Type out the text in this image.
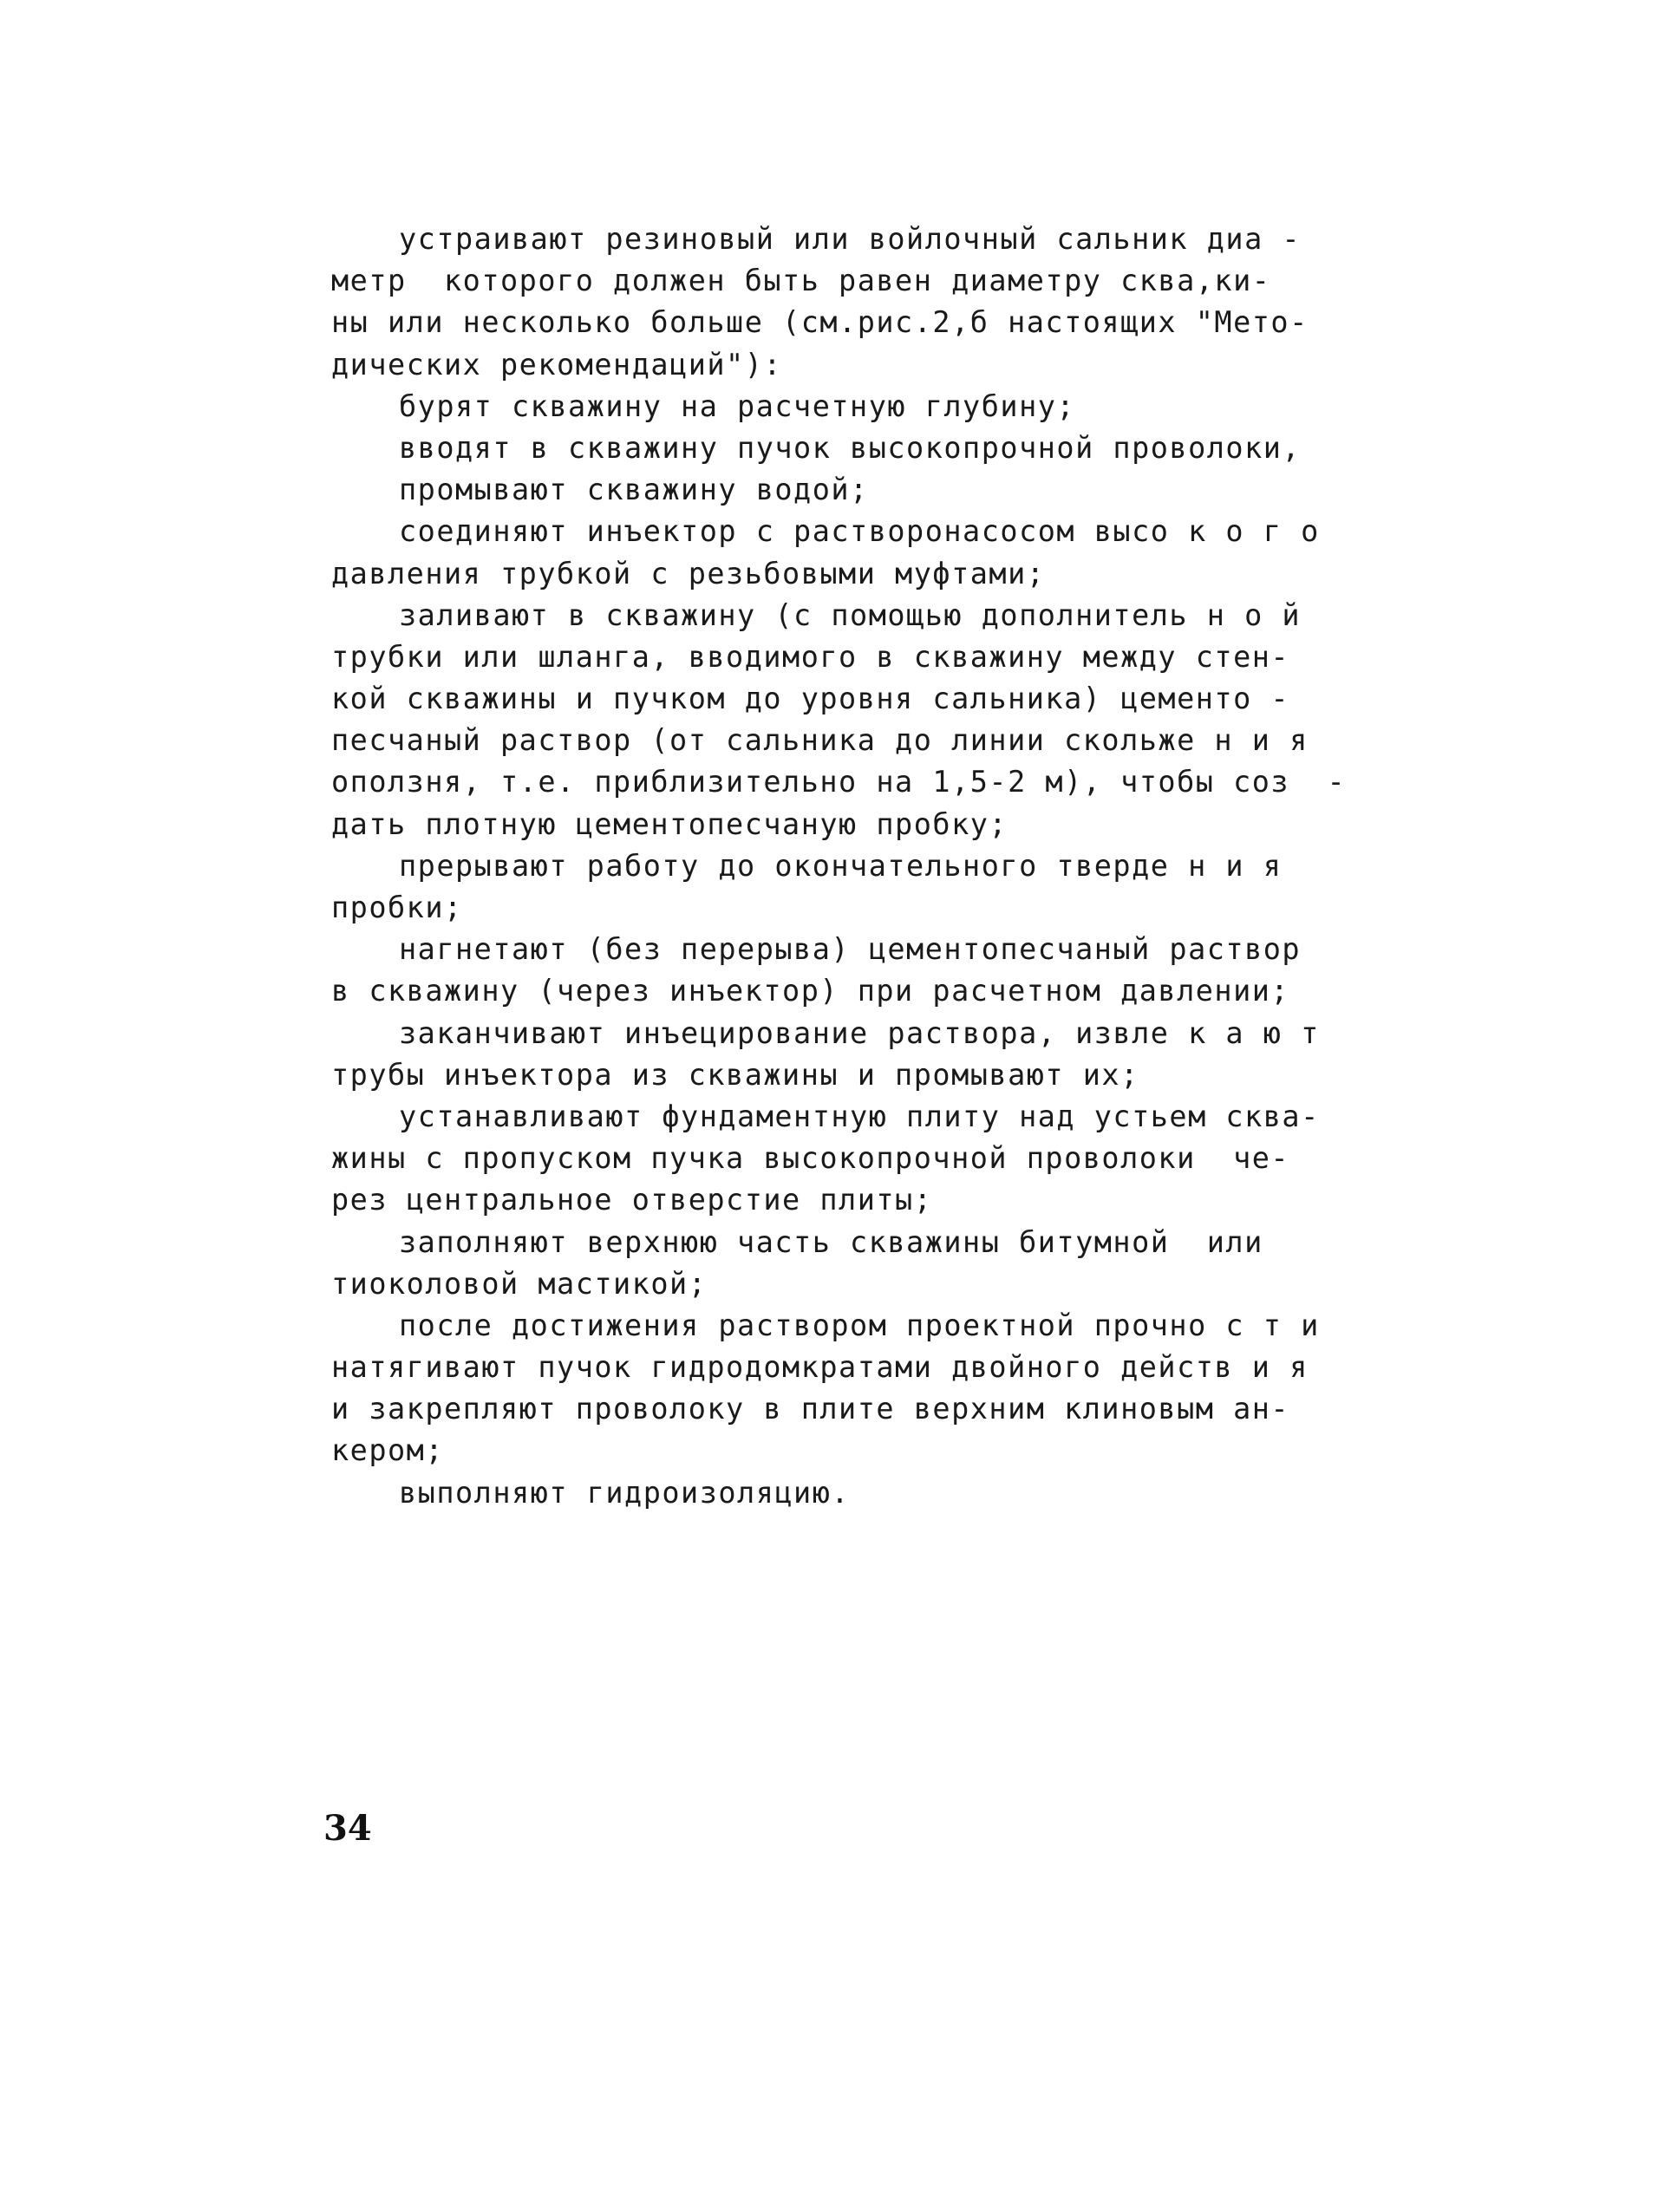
устраивают резиновый или войлочный сальник диа -
метр  которого должен быть равен диаметру сква,ки-
ны или несколько больше (см.рис.2,б настоящих "Мето-
дических рекомендаций"):
бурят скважину на расчетную глубину;
вводят в скважину пучок высокопрочной проволоки,
промывают скважину водой;
соединяют инъектор с растворонасосом высо к о г о
давления трубкой с резьбовыми муфтами;
заливают в скважину (с помощью дополнитель н о й
трубки или шланга, вводимого в скважину между стен-
кой скважины и пучком до уровня сальника) цементо -
песчаный раствор (от сальника до линии скольже н и я
оползня, т.е. приблизительно на 1,5-2 м), чтобы соз  -
дать плотную цементопесчаную пробку;
прерывают работу до окончательного тверде н и я
пробки;
нагнетают (без перерыва) цементопесчаный раствор
в скважину (через инъектор) при расчетном давлении;
заканчивают инъецирование раствора, извле к а ю т
трубы инъектора из скважины и промывают их;
устанавливают фундаментную плиту над устьем сква-
жины с пропуском пучка высокопрочной проволоки  че-
рез центральное отверстие плиты;
заполняют верхнюю часть скважины битумной  или
тиоколовой мастикой;
после достижения раствором проектной прочно с т и
натягивают пучок гидродомкратами двойного действ и я
и закрепляют проволоку в плите верхним клиновым ан-
кером;
выполняют гидроизоляцию.
34
